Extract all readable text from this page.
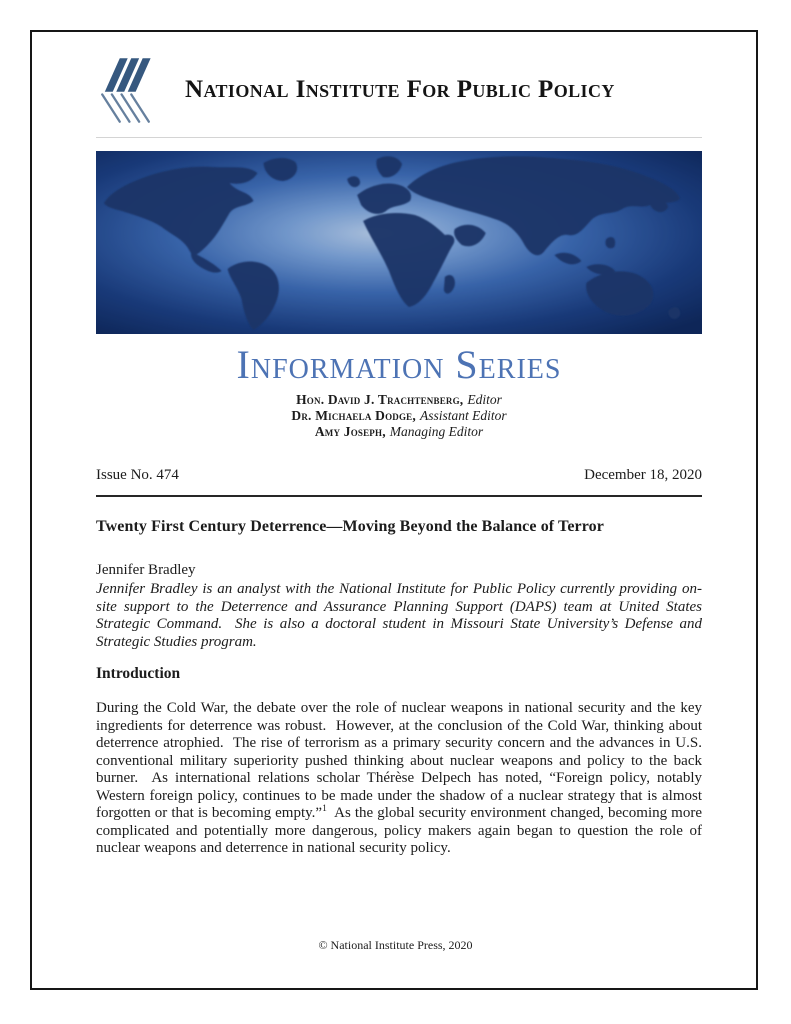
National Institute For Public Policy
Information Series
Hon. David J. Trachtenberg, Editor
Dr. Michaela Dodge, Assistant Editor
Amy Joseph, Managing Editor
Issue No. 474	December 18, 2020
Twenty First Century Deterrence—Moving Beyond the Balance of Terror
Jennifer Bradley

Jennifer Bradley is an analyst with the National Institute for Public Policy currently providing on-site support to the Deterrence and Assurance Planning Support (DAPS) team at United States Strategic Command.  She is also a doctoral student in Missouri State University’s Defense and Strategic Studies program.

Introduction

During the Cold War, the debate over the role of nuclear weapons in national security and the key ingredients for deterrence was robust.  However, at the conclusion of the Cold War, thinking about deterrence atrophied.  The rise of terrorism as a primary security concern and the advances in U.S. conventional military superiority pushed thinking about nuclear weapons and policy to the back burner.  As international relations scholar Thérèse Delpech has noted, “Foreign policy, notably Western foreign policy, continues to be made under the shadow of a nuclear strategy that is almost forgotten or that is becoming empty.”$^1$  As the global security environment changed, becoming more complicated and potentially more dangerous, policy makers again began to question the role of nuclear weapons and deterrence in national security policy.

© National Institute Press, 2020
